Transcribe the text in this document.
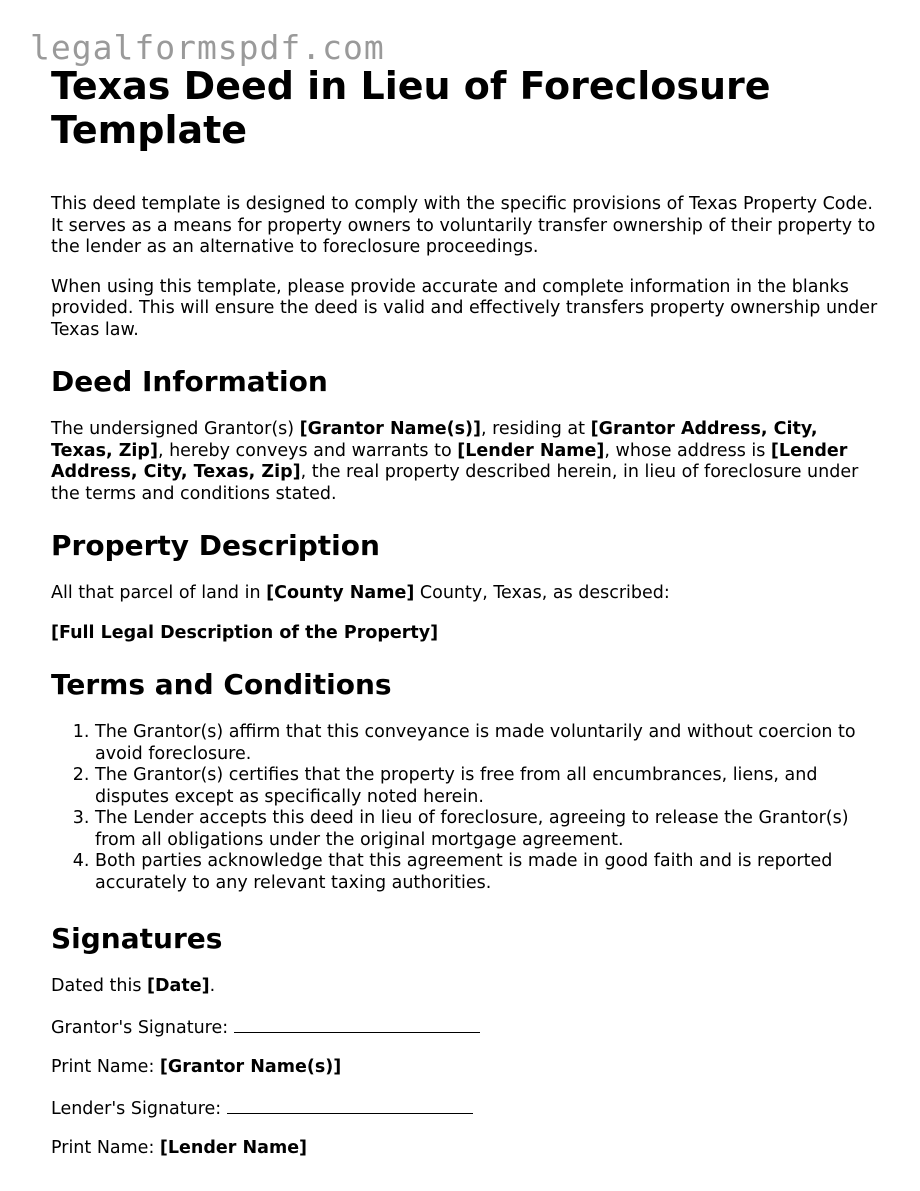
legalformspdf.com
Texas Deed in Lieu of Foreclosure Template

This deed template is designed to comply with the specific provisions of Texas Property Code. It serves as a means for property owners to voluntarily transfer ownership of their property to the lender as an alternative to foreclosure proceedings.

When using this template, please provide accurate and complete information in the blanks provided. This will ensure the deed is valid and effectively transfers property ownership under Texas law.

Deed Information

The undersigned Grantor(s) [Grantor Name(s)], residing at [Grantor Address, City, Texas, Zip], hereby conveys and warrants to [Lender Name], whose address is [Lender Address, City, Texas, Zip], the real property described herein, in lieu of foreclosure under the terms and conditions stated.

Property Description

All that parcel of land in [County Name] County, Texas, as described:

[Full Legal Description of the Property]

Terms and Conditions
1. The Grantor(s) affirm that this conveyance is made voluntarily and without coercion to avoid foreclosure.
2. The Grantor(s) certifies that the property is free from all encumbrances, liens, and disputes except as specifically noted herein.
3. The Lender accepts this deed in lieu of foreclosure, agreeing to release the Grantor(s) from all obligations under the original mortgage agreement.
4. Both parties acknowledge that this agreement is made in good faith and is reported accurately to any relevant taxing authorities.
Signatures

Dated this [Date].

Grantor's Signature:

Print Name: [Grantor Name(s)]

Lender's Signature:

Print Name: [Lender Name]
